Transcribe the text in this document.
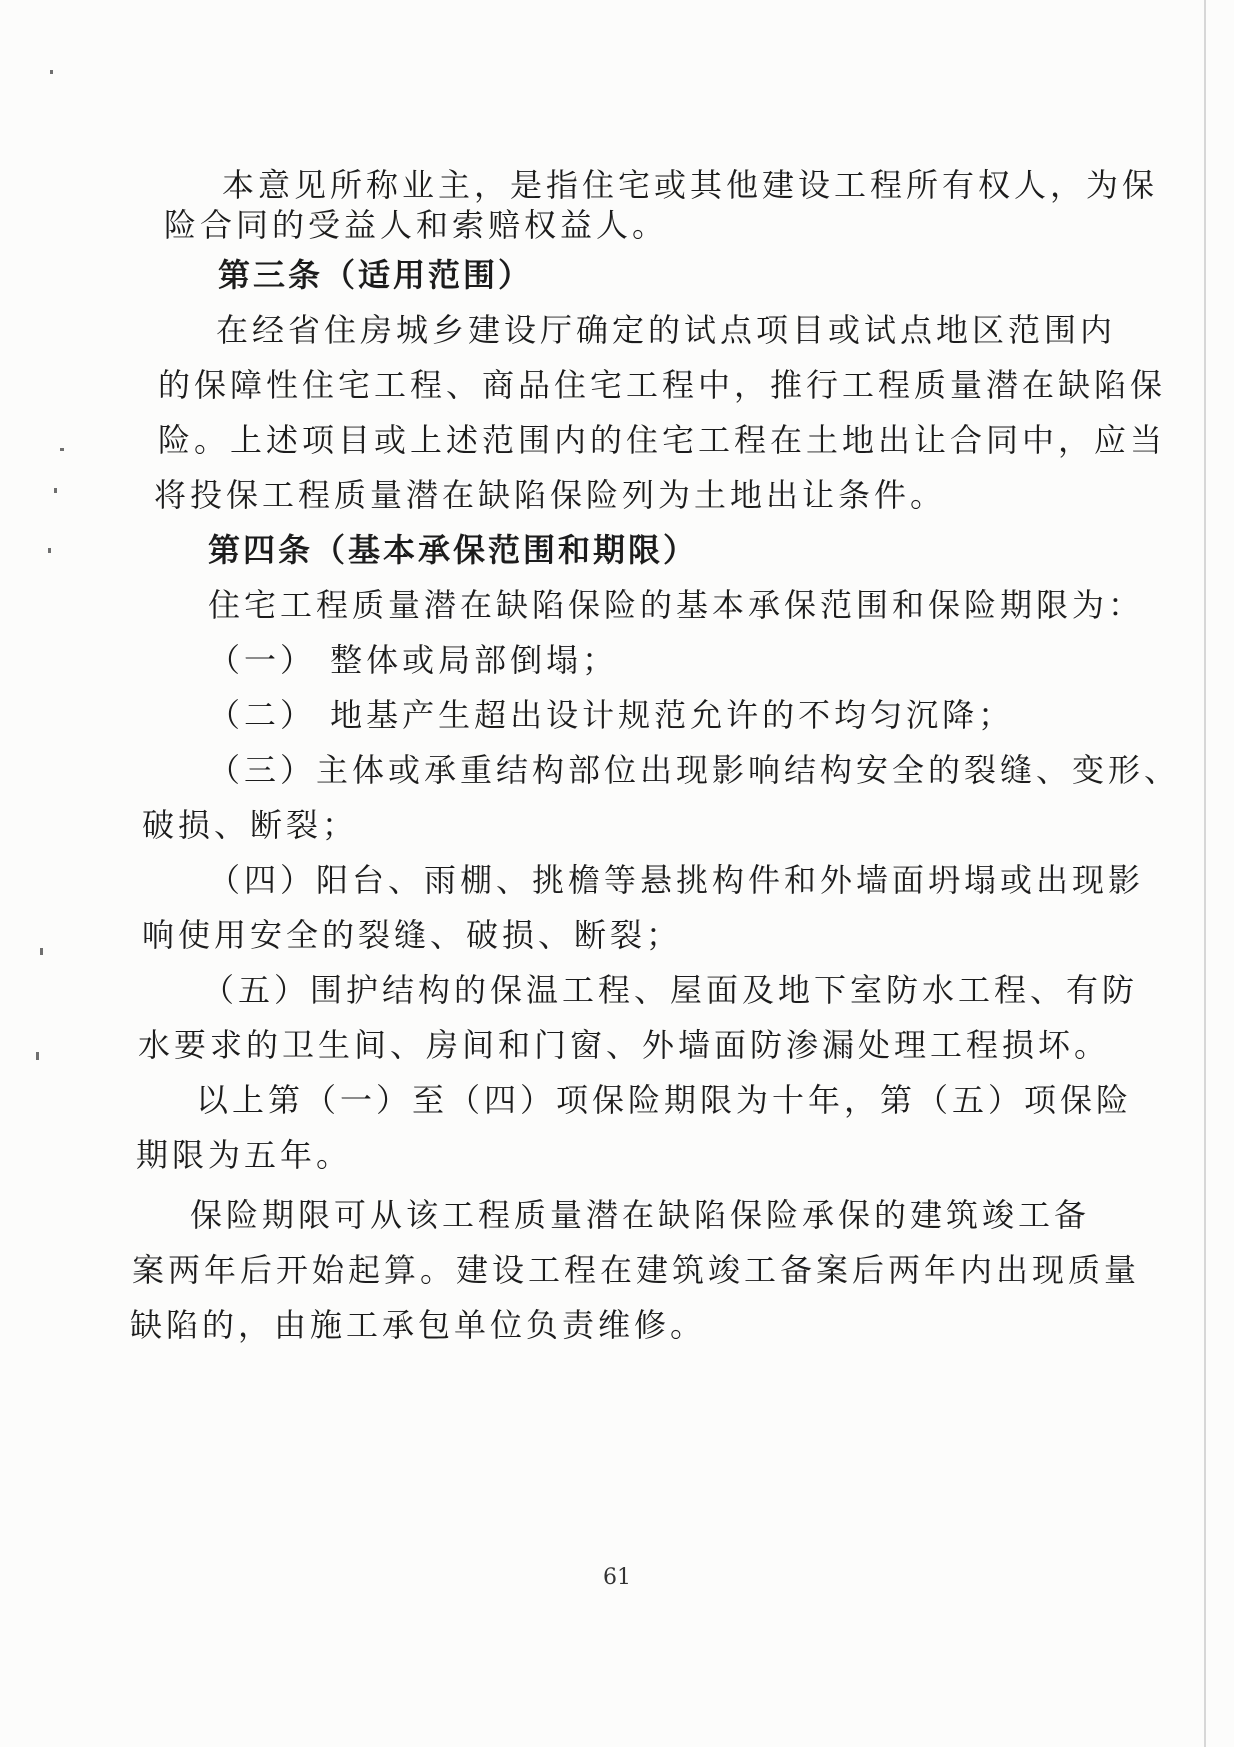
本意见所称业主，是指住宅或其他建设工程所有权人，为保
险合同的受益人和索赔权益人。
第三条（适用范围）
在经省住房城乡建设厅确定的试点项目或试点地区范围内
的保障性住宅工程、商品住宅工程中，推行工程质量潜在缺陷保
险。上述项目或上述范围内的住宅工程在土地出让合同中，应当
将投保工程质量潜在缺陷保险列为土地出让条件。
第四条（基本承保范围和期限）
住宅工程质量潜在缺陷保险的基本承保范围和保险期限为：
（一） 整体或局部倒塌；
（二） 地基产生超出设计规范允许的不均匀沉降；
（三）主体或承重结构部位出现影响结构安全的裂缝、变形、
破损、断裂；
（四）阳台、雨棚、挑檐等悬挑构件和外墙面坍塌或出现影
响使用安全的裂缝、破损、断裂；
（五）围护结构的保温工程、屋面及地下室防水工程、有防
水要求的卫生间、房间和门窗、外墙面防渗漏处理工程损坏。
以上第（一）至（四）项保险期限为十年，第（五）项保险
期限为五年。
保险期限可从该工程质量潜在缺陷保险承保的建筑竣工备
案两年后开始起算。建设工程在建筑竣工备案后两年内出现质量
缺陷的，由施工承包单位负责维修。
61
